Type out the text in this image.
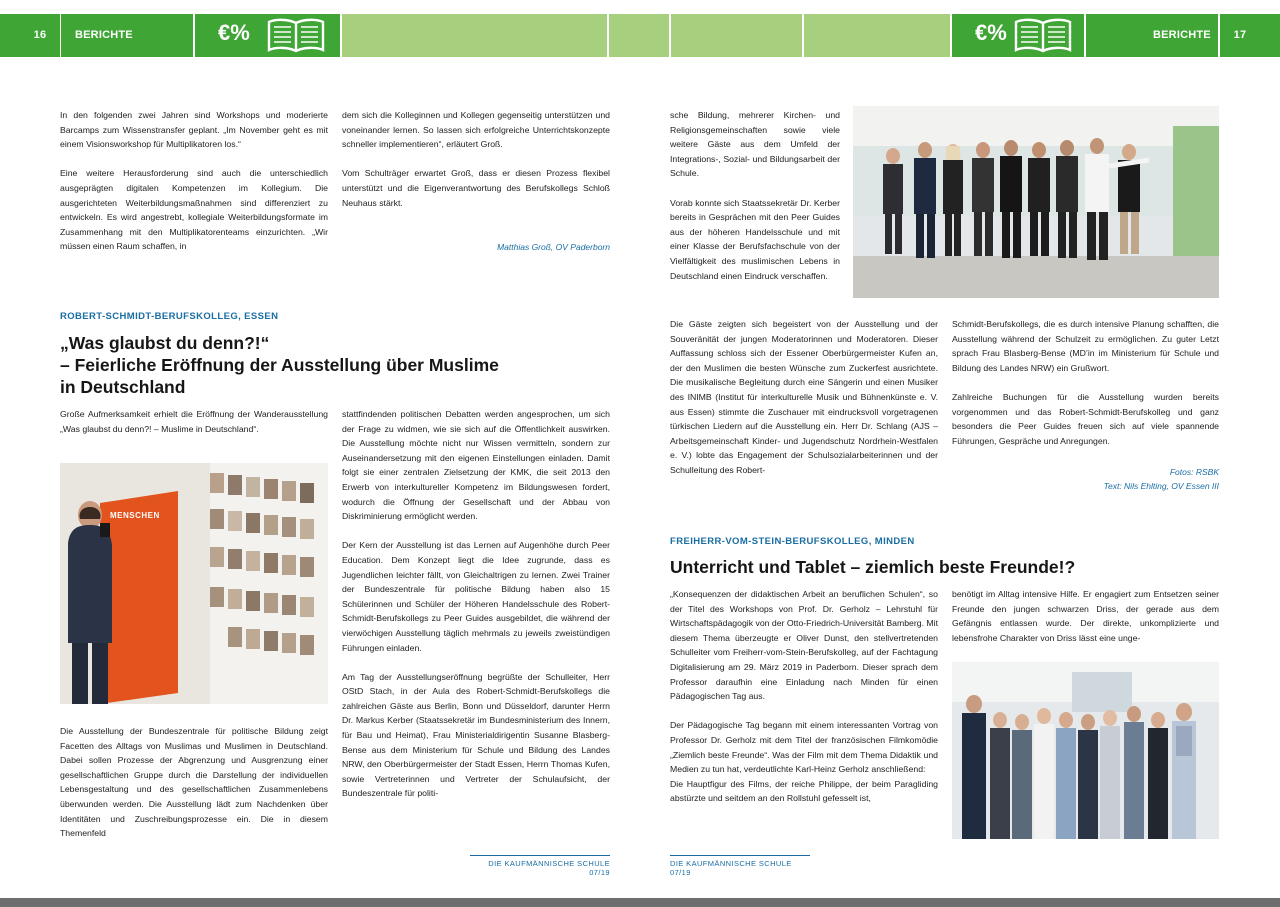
16	BERICHTE	BERICHTE	17
€%	€%

In den folgenden zwei Jahren sind Workshops und moderierte Barcamps zum Wissenstransfer geplant. „Im November geht es mit einem Visionsworkshop für Multiplikatoren los.“

Eine weitere Herausforderung sind auch die unterschiedlich ausgeprägten digitalen Kompetenzen im Kollegium. Die ausgerichteten Weiterbildungsmaßnahmen sind differenziert zu entwickeln. Es wird angestrebt, kollegiale Weiterbildungsformate im Zusammenhang mit den Multiplikatorenteams einzurichten. „Wir müssen einen Raum schaffen, in

dem sich die Kolleginnen und Kollegen gegenseitig unterstützen und voneinander lernen. So lassen sich erfolgreiche Unterrichtskonzepte schneller implementieren“, erläutert Groß.

Vom Schulträger erwartet Groß, dass er diesen Prozess flexibel unterstützt und die Eigenverantwortung des Berufskollegs Schloß Neuhaus stärkt.

Matthias Groß, OV Paderborn
ROBERT-SCHMIDT-BERUFSKOLLEG, ESSEN
„Was glaubst du denn?!“
– Feierliche Eröffnung der Ausstellung über Muslime
in Deutschland

Große Aufmerksamkeit erhielt die Eröffnung der Wanderausstellung „Was glaubst du denn?! – Muslime in Deutschland“.

MENSCHEN

Die Ausstellung der Bundeszentrale für politische Bildung zeigt Facetten des Alltags von Muslimas und Muslimen in Deutschland. Dabei sollen Prozesse der Abgrenzung und Ausgrenzung einer gesellschaftlichen Gruppe durch die Darstellung der individuellen Lebensgestaltung und des gesellschaftlichen Zusammenlebens überwunden werden. Die Ausstellung lädt zum Nachdenken über Identitäten und Zuschreibungsprozesse ein. Die in diesem Themenfeld

stattfindenden politischen Debatten werden angesprochen, um sich der Frage zu widmen, wie sie sich auf die Öffentlichkeit auswirken. Die Ausstellung möchte nicht nur Wissen vermitteln, sondern zur Auseinandersetzung mit den eigenen Einstellungen einladen. Damit folgt sie einer zentralen Zielsetzung der KMK, die seit 2013 den Erwerb von interkultureller Kompetenz im Bildungswesen fordert, wodurch die Öffnung der Gesellschaft und der Abbau von Diskriminierung ermöglicht werden.

Der Kern der Ausstellung ist das Lernen auf Augenhöhe durch Peer Education. Dem Konzept liegt die Idee zugrunde, dass es Jugendlichen leichter fällt, von Gleichaltrigen zu lernen. Zwei Trainer der Bundeszentrale für politische Bildung haben also 15 Schülerinnen und Schüler der Höheren Handelsschule des Robert-Schmidt-Berufskollegs zu Peer Guides ausgebildet, die während der vierwöchigen Ausstellung täglich mehrmals zu jeweils zweistündigen Führungen einladen.

Am Tag der Ausstellungseröffnung begrüßte der Schulleiter, Herr OStD Stach, in der Aula des Robert-Schmidt-Berufskollegs die zahlreichen Gäste aus Berlin, Bonn und Düsseldorf, darunter Herrn Dr. Markus Kerber (Staatssekretär im Bundesministerium des Innern, für Bau und Heimat), Frau Ministerialdirigentin Susanne Blasberg-Bense aus dem Ministerium für Schule und Bildung des Landes NRW, den Oberbürgermeister der Stadt Essen, Herrn Thomas Kufen, sowie Vertreterinnen und Vertreter der Schulaufsicht, der Bundeszentrale für politi-

DIE KAUFMÄNNISCHE SCHULE 07/19

sche Bildung, mehrerer Kirchen- und Religionsgemeinschaften sowie viele weitere Gäste aus dem Umfeld der Integrations-, Sozial- und Bildungsarbeit der Schule.

Vorab konnte sich Staatssekretär Dr. Kerber bereits in Gesprächen mit den Peer Guides aus der höheren Handelsschule und mit einer Klasse der Berufsfachschule von der Vielfältigkeit des muslimischen Lebens in Deutschland einen Eindruck verschaffen.

Die Gäste zeigten sich begeistert von der Ausstellung und der Souveränität der jungen Moderatorinnen und Moderatoren. Dieser Auffassung schloss sich der Essener Oberbürgermeister Kufen an, der den Muslimen die besten Wünsche zum Zuckerfest ausrichtete. Die musikalische Begleitung durch eine Sängerin und einen Musiker des INIMB (Institut für interkulturelle Musik und Bühnenkünste e. V. aus Essen) stimmte die Zuschauer mit eindrucksvoll vorgetragenen türkischen Liedern auf die Ausstellung ein. Herr Dr. Schlang (AJS – Arbeitsgemeinschaft Kinder- und Jugendschutz Nordrhein-Westfalen e. V.) lobte das Engagement der Schulsozialarbeiterinnen und der Schulleitung des Robert-

Schmidt-Berufskollegs, die es durch intensive Planung schafften, die Ausstellung während der Schulzeit zu ermöglichen. Zu guter Letzt sprach Frau Blasberg-Bense (MD’in im Ministerium für Schule und Bildung des Landes NRW) ein Grußwort.

Zahlreiche Buchungen für die Ausstellung wurden bereits vorgenommen und das Robert-Schmidt-Berufskolleg und ganz besonders die Peer Guides freuen sich auf viele spannende Führungen, Gespräche und Anregungen.

Fotos: RSBK
Text: Nils Ehlting, OV Essen III
FREIHERR-VOM-STEIN-BERUFSKOLLEG, MINDEN
Unterricht und Tablet – ziemlich beste Freunde!?

„Konsequenzen der didaktischen Arbeit an beruflichen Schulen“, so der Titel des Workshops von Prof. Dr. Gerholz – Lehrstuhl für Wirtschaftspädagogik von der Otto-Friedrich-Universität Bamberg. Mit diesem Thema überzeugte er Oliver Dunst, den stellvertretenden Schulleiter vom Freiherr-vom-Stein-Berufskolleg, auf der Fachtagung Digitalisierung am 29. März 2019 in Paderborn. Dieser sprach dem Professor daraufhin eine Einladung nach Minden für einen Pädagogischen Tag aus.

Der Pädagogische Tag begann mit einem interessanten Vortrag von Professor Dr. Gerholz mit dem Titel der französischen Filmkomödie „Ziemlich beste Freunde“. Was der Film mit dem Thema Didaktik und Medien zu tun hat, verdeutlichte Karl-Heinz Gerholz anschließend:

Die Hauptfigur des Films, der reiche Philippe, der beim Paragliding abstürzte und seitdem an den Rollstuhl gefesselt ist,

benötigt im Alltag intensive Hilfe. Er engagiert zum Entsetzen seiner Freunde den jungen schwarzen Driss, der gerade aus dem Gefängnis entlassen wurde. Der direkte, unkomplizierte und lebensfrohe Charakter von Driss lässt eine unge-

DIE KAUFMÄNNISCHE SCHULE 07/19
